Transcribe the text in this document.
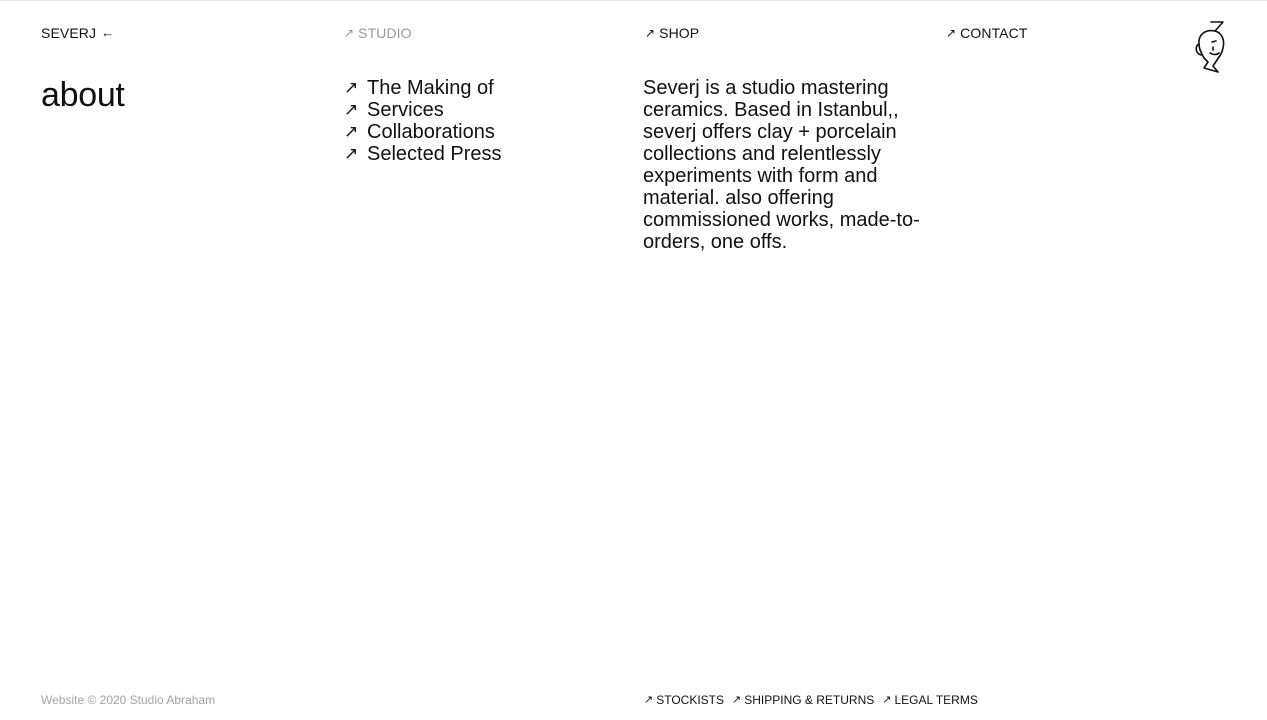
SEVERJ ←	↗ STUDIO	↗ SHOP	↗ CONTACT
about	↗ The Making of
↗ Services
↗ Collaborations
↗ Selected Press

Severj is a studio mastering ceramics. Based in Istanbul,, severj offers clay + porcelain collections and relentlessly experiments with form and material. also offering commissioned works, made-to-orders, one offs.

Website © 2020 Studio Abraham	↗ STOCKISTS ↗ SHIPPING & RETURNS ↗ LEGAL TERMS
